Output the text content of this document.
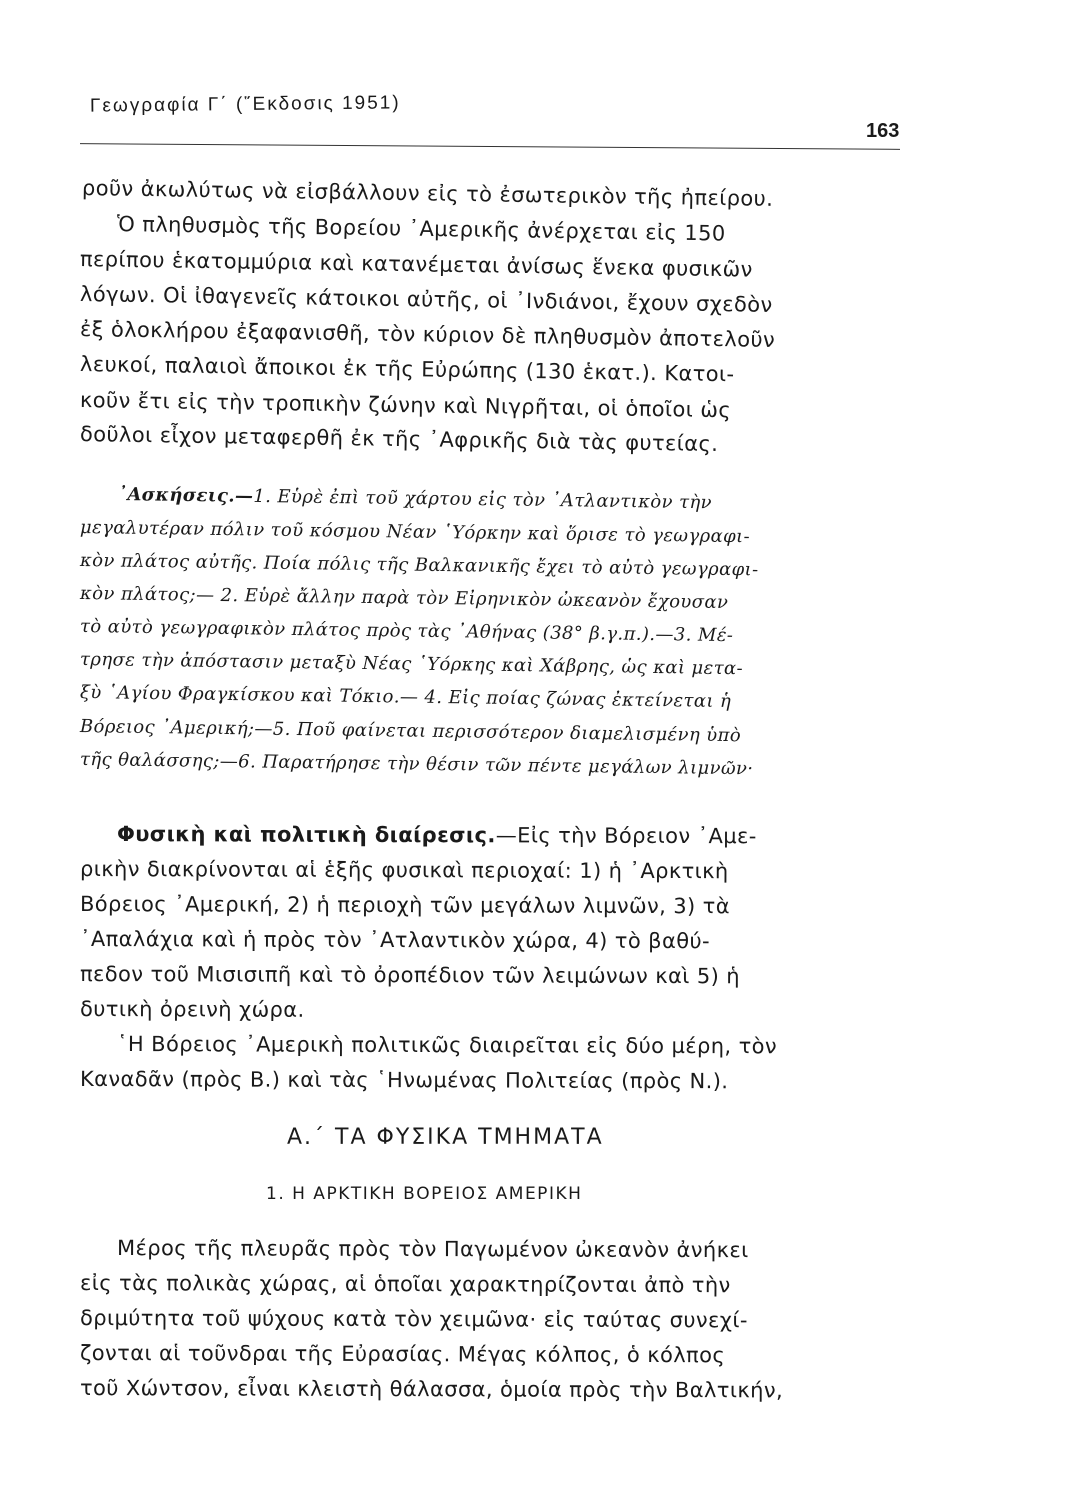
Γεωγραφία Γ΄ (῞Εκδοσις 1951)
163
ροῦν ἀκωλύτως νὰ εἰσβάλλουν εἰς τὸ ἐσωτερικὸν τῆς ἠπείρου.
Ὁ πληθυσμὸς τῆς Βορείου ᾿Αμερικῆς ἀνέρχεται εἰς 150
περίπου ἑκατομμύρια καὶ κατανέμεται ἀνίσως ἕνεκα φυσικῶν
λόγων. Οἱ ἰθαγενεῖς κάτοικοι αὐτῆς, οἱ ᾿Ινδιάνοι, ἔχουν σχεδὸν
ἐξ ὁλοκλήρου ἐξαφανισθῆ, τὸν κύριον δὲ πληθυσμὸν ἀποτελοῦν
λευκοί, παλαιοὶ ἄποικοι ἐκ τῆς Εὐρώπης (130 ἑκατ.). Κατοι-
κοῦν ἔτι εἰς τὴν τροπικὴν ζώνην καὶ Νιγρῆται, οἱ ὁποῖοι ὡς
δοῦλοι εἶχον μεταφερθῆ ἐκ τῆς ᾿Αφρικῆς διὰ τὰς φυτείας.
᾿Ασκήσεις.—1. Εὑρὲ ἐπὶ τοῦ χάρτου εἰς τὸν ᾿Ατλαντικὸν τὴν
μεγαλυτέραν πόλιν τοῦ κόσμου Νέαν ῾Υόρκην καὶ ὅρισε τὸ γεωγραφι-
κὸν πλάτος αὐτῆς. Ποία πόλις τῆς Βαλκανικῆς ἔχει τὸ αὐτὸ γεωγραφι-
κὸν πλάτος;— 2. Εὑρὲ ἄλλην παρὰ τὸν Εἰρηνικὸν ὠκεανὸν ἔχουσαν
τὸ αὐτὸ γεωγραφικὸν πλάτος πρὸς τὰς ᾿Αθήνας (38° β.γ.π.).—3. Μέ-
τρησε τὴν ἀπόστασιν μεταξὺ Νέας ῾Υόρκης καὶ Χάβρης, ὡς καὶ μετα-
ξὺ ῾Αγίου Φραγκίσκου καὶ Τόκιο.— 4. Εἰς ποίας ζώνας ἐκτείνεται ἡ
Βόρειος ᾿Αμερική;—5. Ποῦ φαίνεται περισσότερον διαμελισμένη ὑπὸ
τῆς θαλάσσης;—6. Παρατήρησε τὴν θέσιν τῶν πέντε μεγάλων λιμνῶν·
Φυσικὴ καὶ πολιτικὴ διαίρεσις.—Εἰς τὴν Βόρειον ᾿Αμε-
ρικὴν διακρίνονται αἱ ἑξῆς φυσικαὶ περιοχαί: 1) ἡ ᾿Αρκτικὴ
Βόρειος ᾿Αμερική, 2) ἡ περιοχὴ τῶν μεγάλων λιμνῶν, 3) τὰ
᾿Απαλάχια καὶ ἡ πρὸς τὸν ᾿Ατλαντικὸν χώρα, 4) τὸ βαθύ-
πεδον τοῦ Μισισιπῆ καὶ τὸ ὀροπέδιον τῶν λειμώνων καὶ 5) ἡ
δυτικὴ ὀρεινὴ χώρα.
῾Η Βόρειος ᾿Αμερικὴ πολιτικῶς διαιρεῖται εἰς δύο μέρη, τὸν
Καναδᾶν (πρὸς Β.) καὶ τὰς ῾Ηνωμένας Πολιτείας (πρὸς Ν.).
Α.΄ ΤΑ ΦΥΣΙΚΑ ΤΜΗΜΑΤΑ
1. Η ΑΡΚΤΙΚΗ ΒΟΡΕΙΟΣ ΑΜΕΡΙΚΗ
Μέρος τῆς πλευρᾶς πρὸς τὸν Παγωμένον ὠκεανὸν ἀνήκει
εἰς τὰς πολικὰς χώρας, αἱ ὁποῖαι χαρακτηρίζονται ἀπὸ τὴν
δριμύτητα τοῦ ψύχους κατὰ τὸν χειμῶνα· εἰς ταύτας συνεχί-
ζονται αἱ τοῦνδραι τῆς Εὐρασίας. Μέγας κόλπος, ὁ κόλπος
τοῦ Χώντσον, εἶναι κλειστὴ θάλασσα, ὁμοία πρὸς τὴν Βαλτικήν,
